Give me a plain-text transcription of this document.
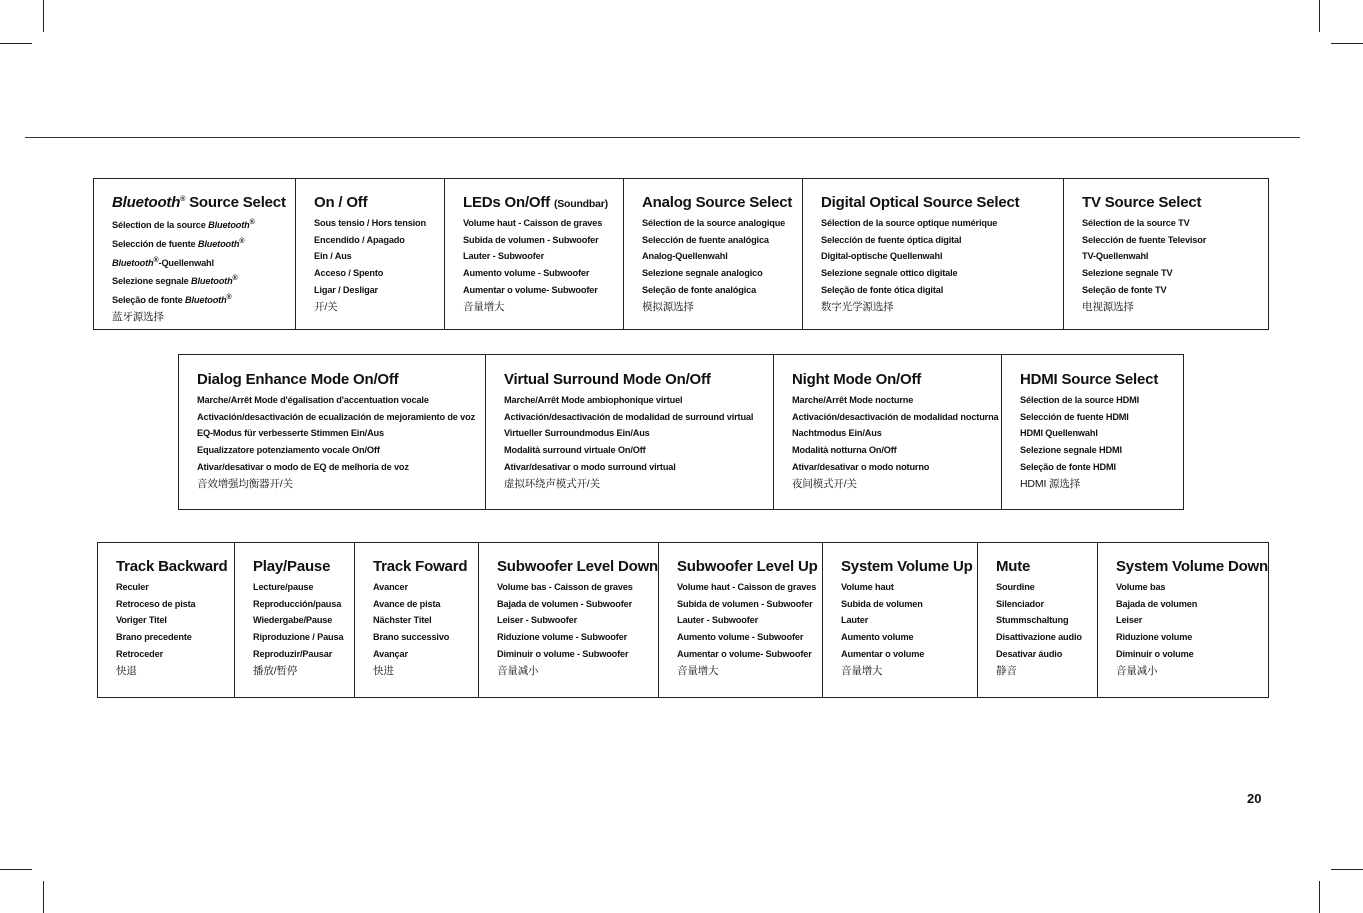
Bluetooth® Source Select
Sélection de la source Bluetooth®
Selección de fuente Bluetooth®
Bluetooth®-Quellenwahl
Selezione segnale Bluetooth®
Seleção de fonte Bluetooth®
蓝牙源选择
On / Off
Sous tensio / Hors tension
Encendido / Apagado
Ein / Aus
Acceso / Spento
Ligar / Desligar
开/关
LEDs On/Off (Soundbar)
Volume haut - Caisson de graves
Subida de volumen - Subwoofer
Lauter - Subwoofer
Aumento volume - Subwoofer
Aumentar o volume- Subwoofer
音量增大
Analog Source Select
Sélection de la source analogique
Selección de fuente analógica
Analog-Quellenwahl
Selezione segnale analogico
Seleção de fonte analógica
模拟源选择
Digital Optical Source Select
Sélection de la source optique numérique
Selección de fuente óptica digital
Digital-optische Quellenwahl
Selezione segnale ottico digitale
Seleção de fonte ótica digital
数字光学源选择
TV Source Select
Sélection de la source TV
Selección de fuente Televisor
TV-Quellenwahl
Selezione segnale TV
Seleção de fonte TV
电视源选择
Dialog Enhance Mode On/Off
Marche/Arrêt Mode d'égalisation d'accentuation vocale
Activación/desactivación de ecualización de mejoramiento de voz
EQ-Modus für verbesserte Stimmen Ein/Aus
Equalizzatore potenziamento vocale On/Off
Ativar/desativar o modo de EQ de melhoria de voz
音效增强均衡器开/关
Virtual Surround Mode On/Off
Marche/Arrêt Mode ambiophonique virtuel
Activación/desactivación de modalidad de surround virtual
Virtueller Surroundmodus Ein/Aus
Modalità surround virtuale On/Off
Ativar/desativar o modo surround virtual
虚拟环绕声模式开/关
Night Mode On/Off
Marche/Arrêt Mode nocturne
Activación/desactivación de modalidad nocturna
Nachtmodus Ein/Aus
Modalità notturna On/Off
Ativar/desativar o modo noturno
夜间模式开/关
HDMI Source Select
Sélection de la source HDMI
Selección de fuente HDMI
HDMI Quellenwahl
Selezione segnale HDMI
Seleção de fonte HDMI
HDMI 源选择
Track Backward
Reculer
Retroceso de pista
Voriger Titel
Brano precedente
Retroceder
快退
Play/Pause
Lecture/pause
Reproducción/pausa
Wiedergabe/Pause
Riproduzione / Pausa
Reproduzir/Pausar
播放/暂停
Track Foward
Avancer
Avance de pista
Nächster Titel
Brano successivo
Avançar
快进
Subwoofer Level Down
Volume bas - Caisson de graves
Bajada de volumen - Subwoofer
Leiser - Subwoofer
Riduzione volume - Subwoofer
Diminuir o volume - Subwoofer
音量减小
Subwoofer Level Up
Volume haut - Caisson de graves
Subida de volumen - Subwoofer
Lauter - Subwoofer
Aumento volume - Subwoofer
Aumentar o volume- Subwoofer
音量增大
System Volume Up
Volume haut
Subida de volumen
Lauter
Aumento volume
Aumentar o volume
音量增大
Mute
Sourdine
Silenciador
Stummschaltung
Disattivazione audio
Desativar áudio
静音
System Volume Down
Volume bas
Bajada de volumen
Leiser
Riduzione volume
Diminuir o volume
音量减小
20
